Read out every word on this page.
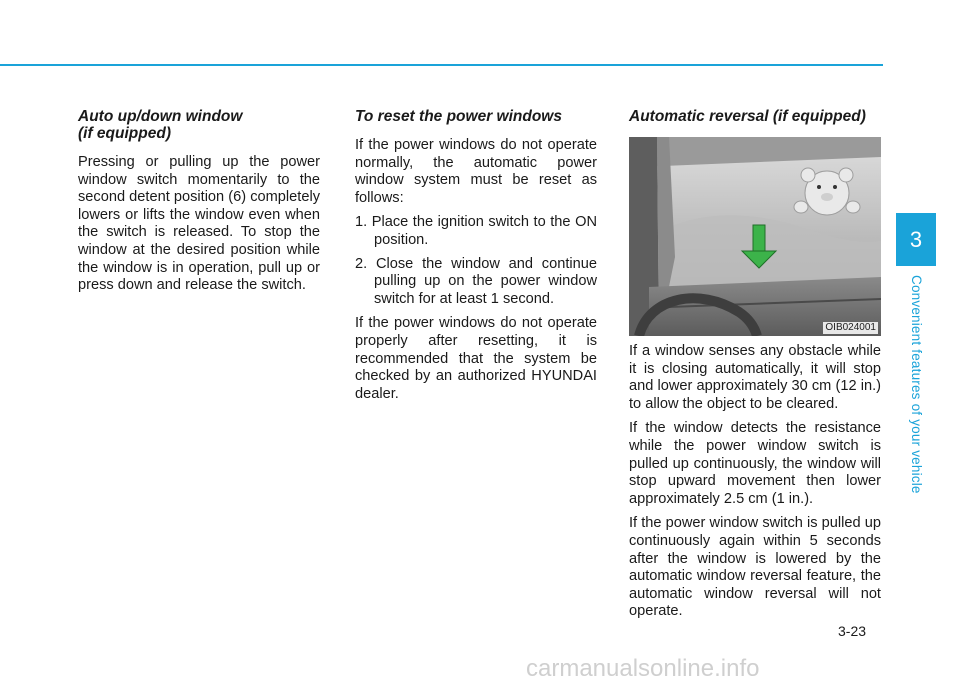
Auto up/down window
(if equipped)

Pressing or pulling up the power window switch momentarily to the second detent position (6) completely lowers or lifts the window even when the switch is released. To stop the window at the desired position while the window is in operation, pull up or press down and release the switch.

To reset the power windows

If the power windows do not operate normally, the automatic power window system must be reset as follows:

1. Place the ignition switch to the ON position.
2. Close the window and continue pulling up on the power window switch for at least 1 second.

If the power windows do not operate properly after resetting, it is recommended that the system be checked by an authorized HYUNDAI dealer.

Automatic reversal (if equipped)
OIB024001

If a window senses any obstacle while it is closing automatically, it will stop and lower approximately 30 cm (12 in.) to allow the object to be cleared.

If the window detects the resistance while the power window switch is pulled up continuously, the window will stop upward movement then lower approximately 2.5 cm (1 in.).

If the power window switch is pulled up continuously again within 5 seconds after the window is lowered by the automatic window reversal feature, the automatic window reversal will not operate.

3
Convenient features of your vehicle
3-23
carmanualsonline.info
